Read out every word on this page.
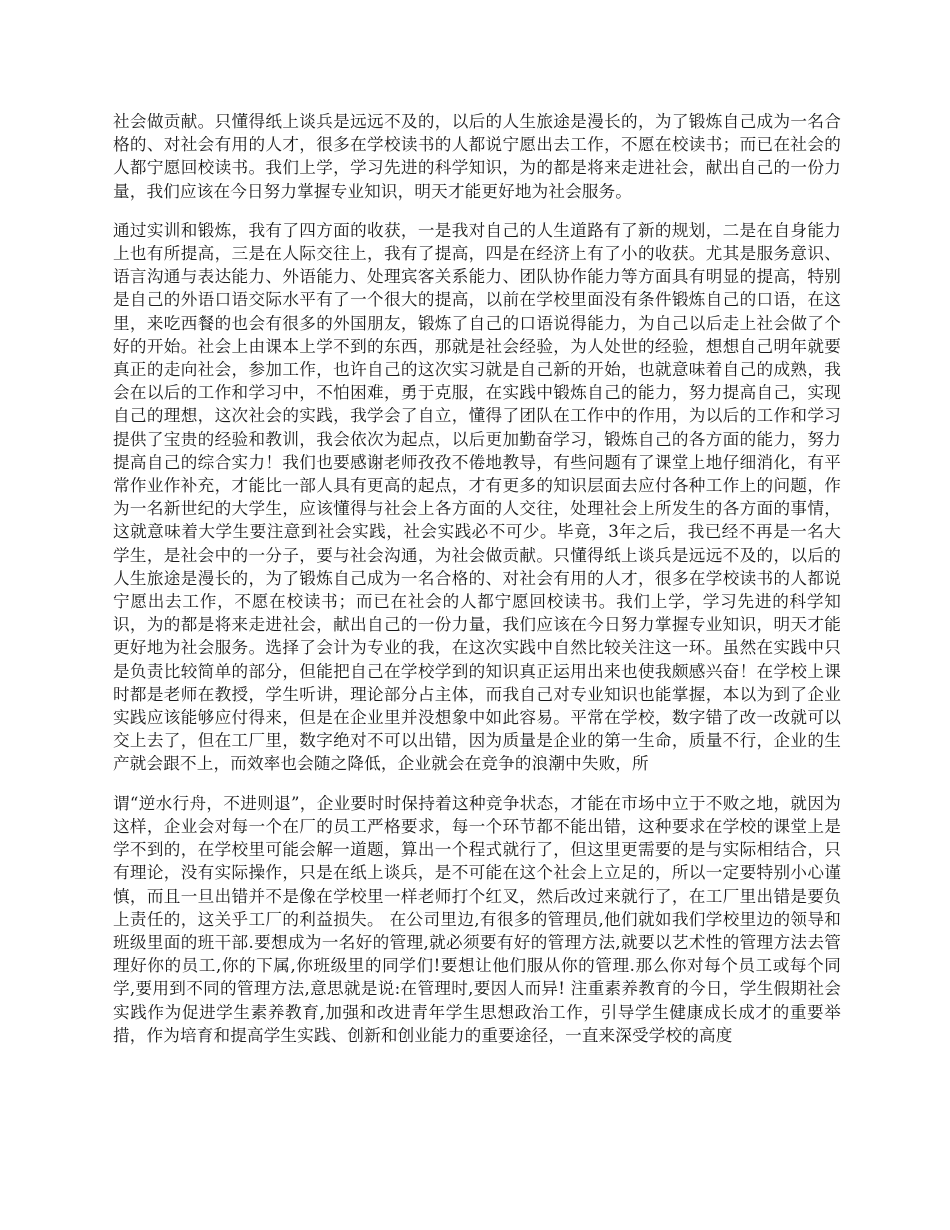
社会做贡献。只懂得纸上谈兵是远远不及的，以后的人生旅途是漫长的，为了锻炼自己成为一名合格的、对社会有用的人才，很多在学校读书的人都说宁愿出去工作，不愿在校读书；而已在社会的人都宁愿回校读书。我们上学，学习先进的科学知识，为的都是将来走进社会，献出自己的一份力量，我们应该在今日努力掌握专业知识，明天才能更好地为社会服务。

通过实训和锻炼，我有了四方面的收获，一是我对自己的人生道路有了新的规划，二是在自身能力上也有所提高，三是在人际交往上，我有了提高，四是在经济上有了小的收获。尤其是服务意识、语言沟通与表达能力、外语能力、处理宾客关系能力、团队协作能力等方面具有明显的提高，特别是自己的外语口语交际水平有了一个很大的提高，以前在学校里面没有条件锻炼自己的口语，在这里，来吃西餐的也会有很多的外国朋友，锻炼了自己的口语说得能力，为自己以后走上社会做了个好的开始。社会上由课本上学不到的东西，那就是社会经验，为人处世的经验，想想自己明年就要真正的走向社会，参加工作，也许自己的这次实习就是自己新的开始，也就意味着自己的成熟，我会在以后的工作和学习中，不怕困难，勇于克服，在实践中锻炼自己的能力，努力提高自己，实现自己的理想，这次社会的实践，我学会了自立，懂得了团队在工作中的作用，为以后的工作和学习提供了宝贵的经验和教训，我会依次为起点，以后更加勤奋学习，锻炼自己的各方面的能力，努力提高自己的综合实力！我们也要感谢老师孜孜不倦地教导，有些问题有了课堂上地仔细消化，有平常作业作补充，才能比一部人具有更高的起点，才有更多的知识层面去应付各种工作上的问题，作为一名新世纪的大学生，应该懂得与社会上各方面的人交往，处理社会上所发生的各方面的事情，这就意味着大学生要注意到社会实践，社会实践必不可少。毕竟，3年之后，我已经不再是一名大学生，是社会中的一分子，要与社会沟通，为社会做贡献。只懂得纸上谈兵是远远不及的，以后的人生旅途是漫长的，为了锻炼自己成为一名合格的、对社会有用的人才，很多在学校读书的人都说宁愿出去工作，不愿在校读书；而已在社会的人都宁愿回校读书。我们上学，学习先进的科学知识，为的都是将来走进社会，献出自己的一份力量，我们应该在今日努力掌握专业知识，明天才能更好地为社会服务。选择了会计为专业的我，在这次实践中自然比较关注这一环。虽然在实践中只是负责比较简单的部分，但能把自己在学校学到的知识真正运用出来也使我颇感兴奋！在学校上课时都是老师在教授，学生听讲，理论部分占主体，而我自己对专业知识也能掌握，本以为到了企业实践应该能够应付得来，但是在企业里并没想象中如此容易。平常在学校，数字错了改一改就可以交上去了，但在工厂里，数字绝对不可以出错，因为质量是企业的第一生命，质量不行，企业的生产就会跟不上，而效率也会随之降低，企业就会在竞争的浪潮中失败，所

谓“逆水行舟，不进则退”，企业要时时保持着这种竞争状态，才能在市场中立于不败之地，就因为这样，企业会对每一个在厂的员工严格要求，每一个环节都不能出错，这种要求在学校的课堂上是学不到的，在学校里可能会解一道题，算出一个程式就行了，但这里更需要的是与实际相结合，只有理论，没有实际操作，只是在纸上谈兵，是不可能在这个社会上立足的，所以一定要特别小心谨慎，而且一旦出错并不是像在学校里一样老师打个红叉，然后改过来就行了，在工厂里出错是要负上责任的，这关乎工厂的利益损失。 在公司里边,有很多的管理员,他们就如我们学校里边的领导和班级里面的班干部.要想成为一名好的管理,就必须要有好的管理方法,就要以艺术性的管理方法去管理好你的员工,你的下属,你班级里的同学们!要想让他们服从你的管理.那么你对每个员工或每个同学,要用到不同的管理方法,意思就是说:在管理时,要因人而异! 注重素养教育的今日，学生假期社会实践作为促进学生素养教育,加强和改进青年学生思想政治工作，引导学生健康成长成才的重要举措，作为培育和提高学生实践、创新和创业能力的重要途径，一直来深受学校的高度
